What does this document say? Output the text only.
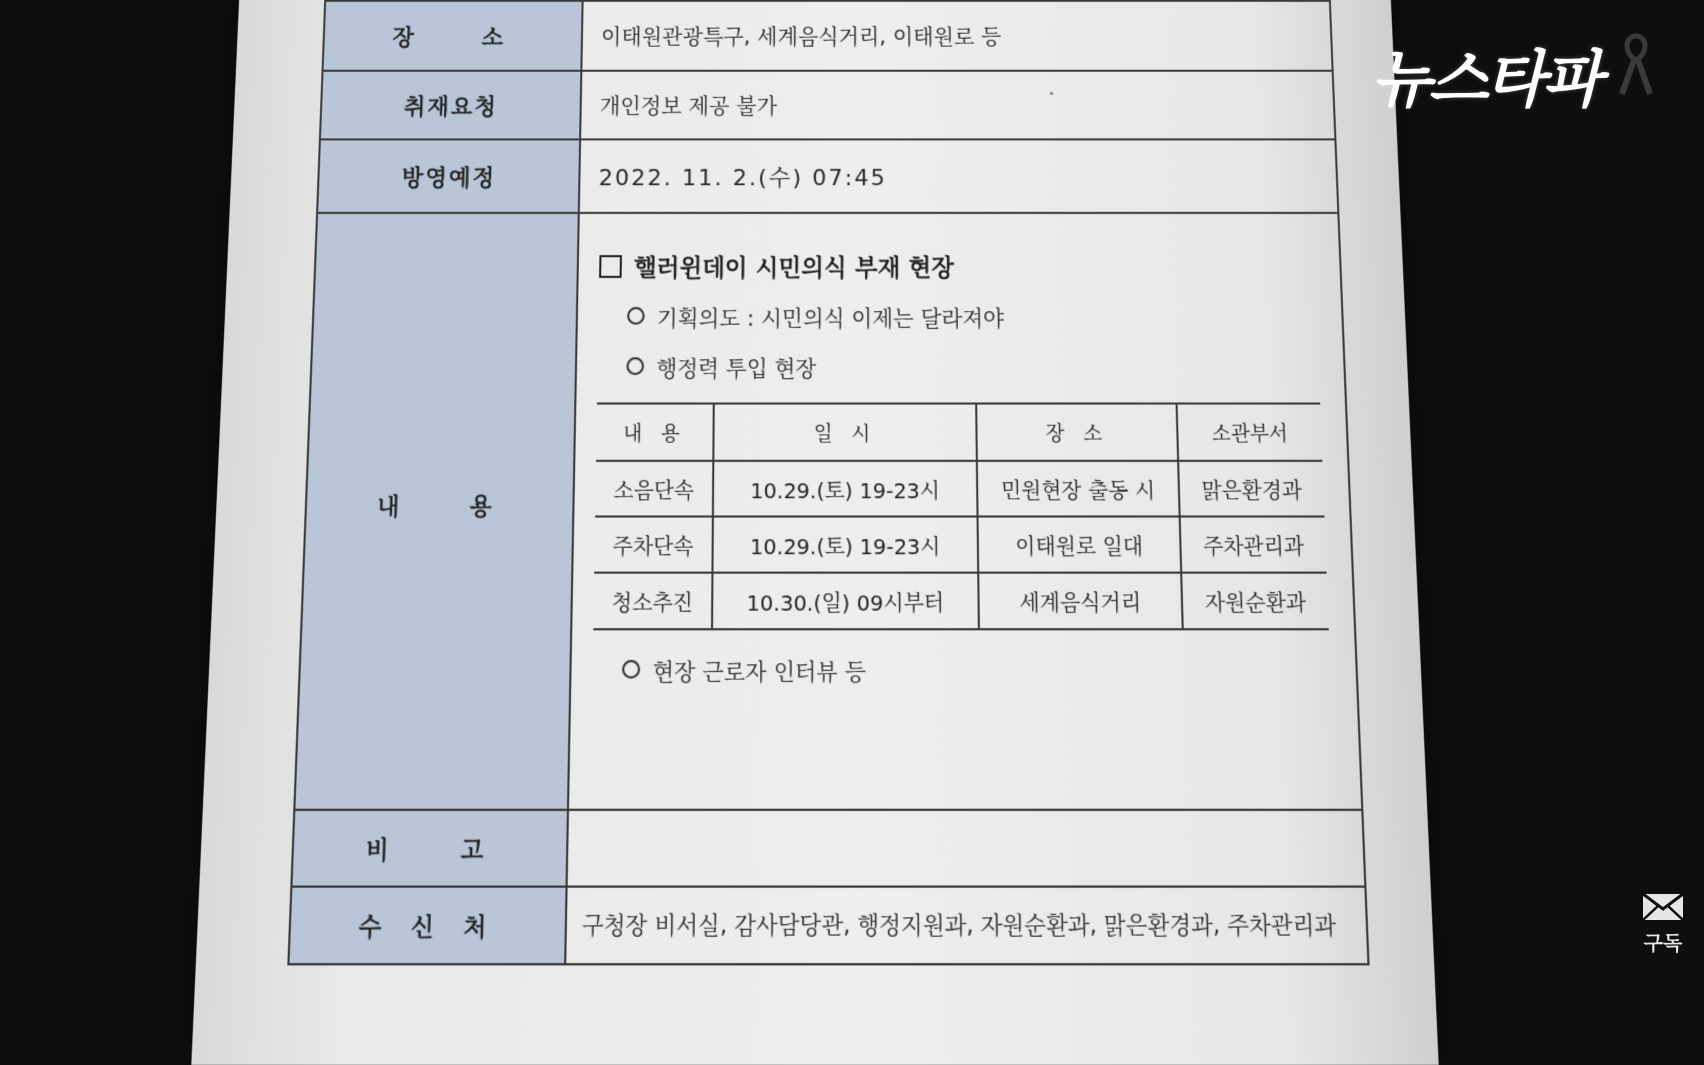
장 소	이태원관광특구, 세계음식거리, 이태원로 등
취재요청	개인정보 제공 불가
방영예정	2022. 11. 2.(수) 07:45
내 용	
핼러윈데이 시민의식 부재 현장
기획의도 : 시민의식 이제는 달라져야
행정력 투입 현장
내 용	일 시	장 소	소관부서
소음단속	10.29.(토) 19-23시	민원현장 출동 시	맑은환경과
주차단속	10.29.(토) 19-23시	이태원로 일대	주차관리과
청소추진	10.30.(일) 09시부터	세계음식거리	자원순환과
현장 근로자 인터뷰 등

비 고	
수 신 처	구청장 비서실, 감사담당관, 행정지원과, 자원순환과, 맑은환경과, 주차관리과
뉴스타파
구독
